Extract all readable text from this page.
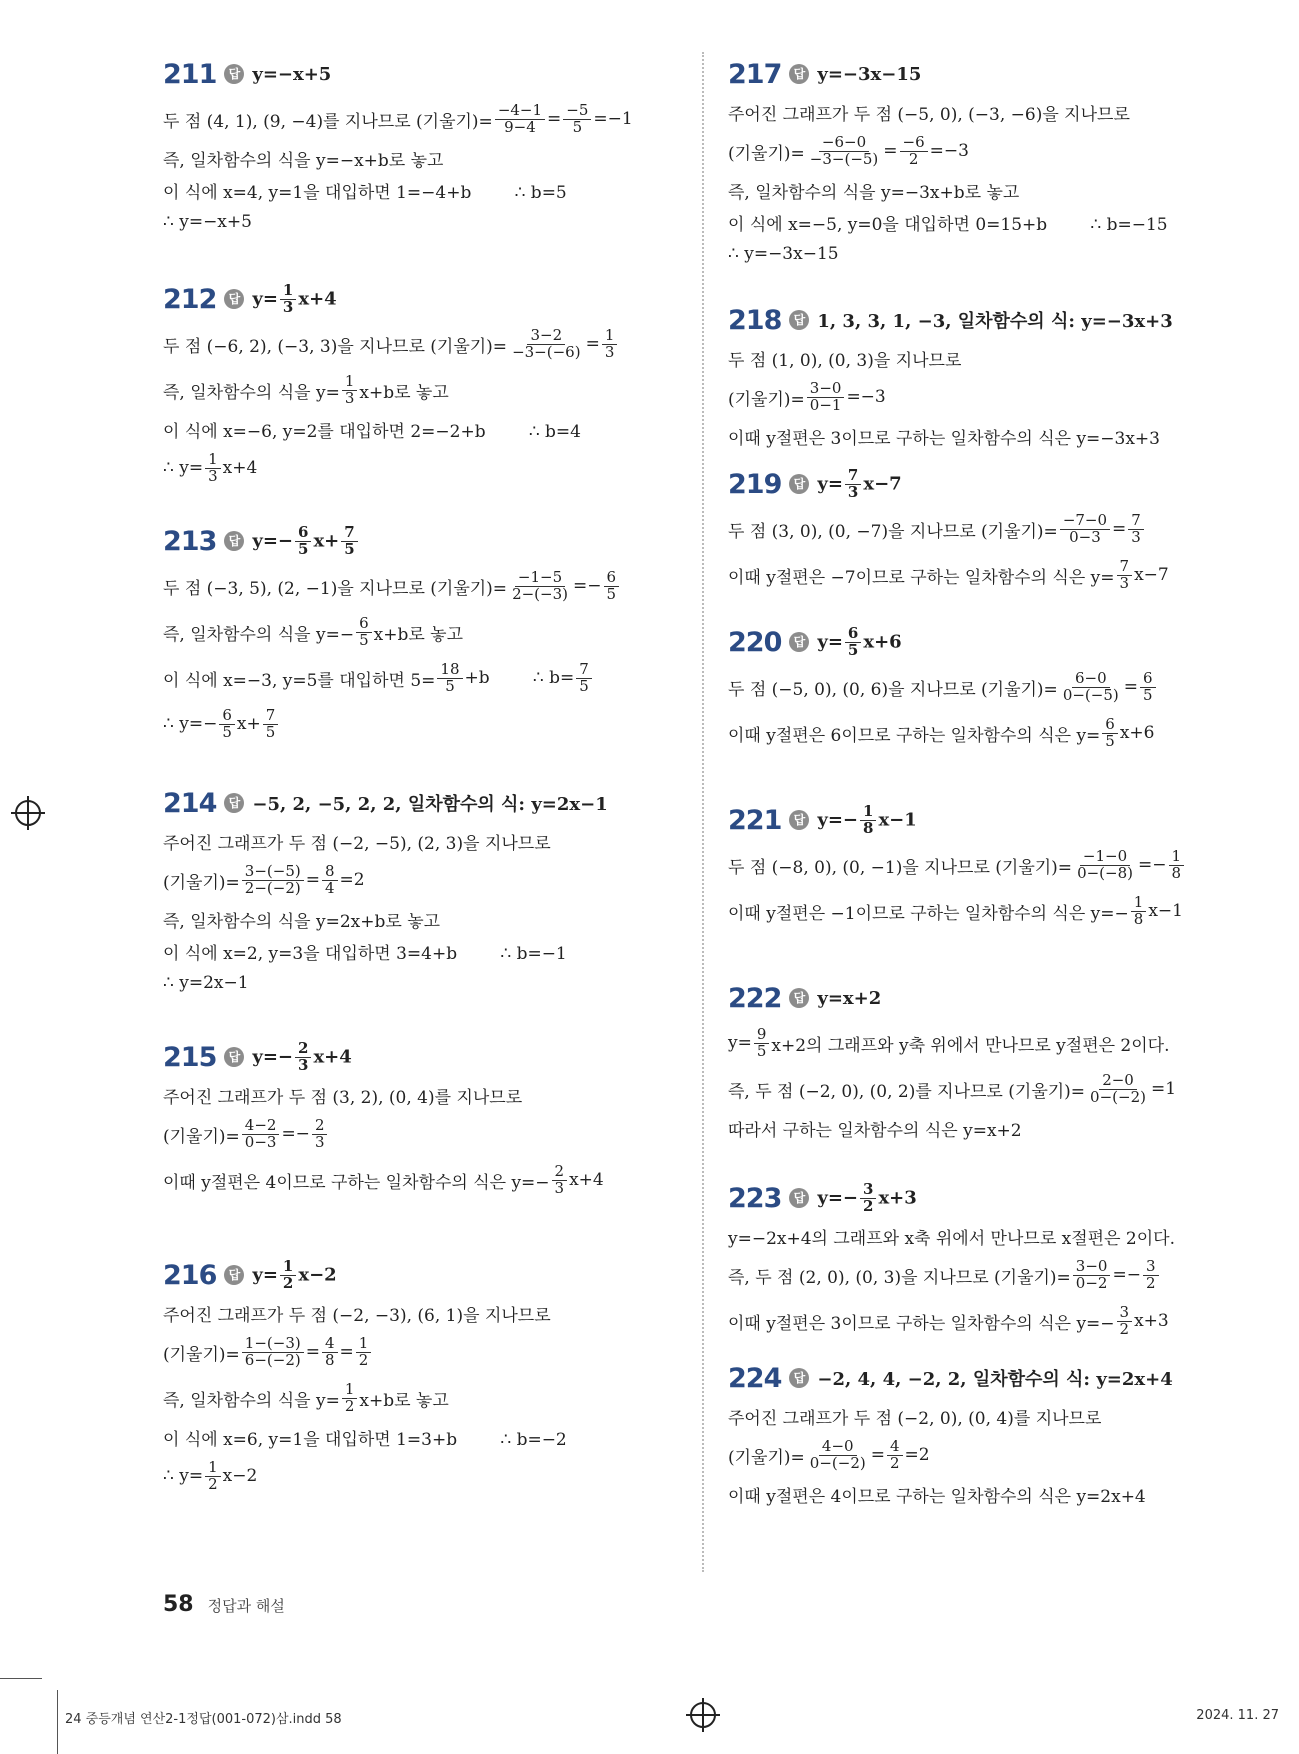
211	답 y=−x+5
두 점 (4, 1), (9, −4)를 지나므로 (기울기)= $\frac{-4-1}{9-4} = \frac{-5}{5} =-1$
즉, 일차함수의 식을 y=−x+b로 놓고
이 식에 x=4, y=1을 대입하면 1=−4+b        ∴ b=5
∴ y=−x+5
212	답 $y= \frac{1}{3} x+4$
두 점 (−6, 2), (−3, 3)을 지나므로 (기울기)= $\frac{3-2}{-3-(-6)} = \frac{1}{3}$
즉, 일차함수의 식을 $y= \frac{1}{3} x+b$로 놓고
이 식에 x=−6, y=2를 대입하면 2=−2+b        ∴ b=4
∴ $y= \frac{1}{3} x+4$
213	답 $y=- \frac{6}{5} x+ \frac{7}{5}$
두 점 (−3, 5), (2, −1)을 지나므로 (기울기)= $\frac{-1-5}{2-(-3)} =- \frac{6}{5}$
즉, 일차함수의 식을 $y=- \frac{6}{5} x+b$로 놓고
이 식에 x=−3, y=5를 대입하면 $5= \frac{18}{5} +b$        ∴ $b= \frac{7}{5}$
∴ $y=- \frac{6}{5} x+ \frac{7}{5}$
214	답 −5, 2, −5, 2, 2, 일차함수의 식: y=2x−1
주어진 그래프가 두 점 (−2, −5), (2, 3)을 지나므로
(기울기)= $\frac{3-(-5)}{2-(-2)} = \frac{8}{4} =2$
즉, 일차함수의 식을 y=2x+b로 놓고
이 식에 x=2, y=3을 대입하면 3=4+b        ∴ b=−1
∴ y=2x−1
215	답 $y=- \frac{2}{3} x+4$
주어진 그래프가 두 점 (3, 2), (0, 4)를 지나므로
(기울기)= $\frac{4-2}{0-3} =- \frac{2}{3}$
이때 y절편은 4이므로 구하는 일차함수의 식은 $y=- \frac{2}{3} x+4$
216	답 $y= \frac{1}{2} x-2$
주어진 그래프가 두 점 (−2, −3), (6, 1)을 지나므로
(기울기)= $\frac{1-(-3)}{6-(-2)} = \frac{4}{8} = \frac{1}{2}$
즉, 일차함수의 식을 $y= \frac{1}{2} x+b$로 놓고
이 식에 x=6, y=1을 대입하면 1=3+b        ∴ b=−2
∴ $y= \frac{1}{2} x-2$
217	답 y=−3x−15
주어진 그래프가 두 점 (−5, 0), (−3, −6)을 지나므로
(기울기)= $\frac{-6-0}{-3-(-5)} = \frac{-6}{2} =-3$
즉, 일차함수의 식을 y=−3x+b로 놓고
이 식에 x=−5, y=0을 대입하면 0=15+b        ∴ b=−15
∴ y=−3x−15
218	답 1, 3, 3, 1, −3, 일차함수의 식: y=−3x+3
두 점 (1, 0), (0, 3)을 지나므로
(기울기)= $\frac{3-0}{0-1} =-3$
이때 y절편은 3이므로 구하는 일차함수의 식은 y=−3x+3
219	답 $y= \frac{7}{3} x-7$
두 점 (3, 0), (0, −7)을 지나므로 (기울기)= $\frac{-7-0}{0-3} = \frac{7}{3}$
이때 y절편은 −7이므로 구하는 일차함수의 식은 $y= \frac{7}{3} x-7$
220	답 $y= \frac{6}{5} x+6$
두 점 (−5, 0), (0, 6)을 지나므로 (기울기)= $\frac{6-0}{0-(-5)} = \frac{6}{5}$
이때 y절편은 6이므로 구하는 일차함수의 식은 $y= \frac{6}{5} x+6$
221	답 $y=- \frac{1}{8} x-1$
두 점 (−8, 0), (0, −1)을 지나므로 (기울기)= $\frac{-1-0}{0-(-8)} =- \frac{1}{8}$
이때 y절편은 −1이므로 구하는 일차함수의 식은 $y=- \frac{1}{8} x-1$
222	답 y=x+2
$y= \frac{9}{5} x+2$의 그래프와 y축 위에서 만나므로 y절편은 2이다.
즉, 두 점 (−2, 0), (0, 2)를 지나므로 (기울기)= $\frac{2-0}{0-(-2)} =1$
따라서 구하는 일차함수의 식은 y=x+2
223	답 $y=- \frac{3}{2} x+3$
y=−2x+4의 그래프와 x축 위에서 만나므로 x절편은 2이다.
즉, 두 점 (2, 0), (0, 3)을 지나므로 (기울기)= $\frac{3-0}{0-2} =- \frac{3}{2}$
이때 y절편은 3이므로 구하는 일차함수의 식은 $y=- \frac{3}{2} x+3$
224	답 −2, 4, 4, −2, 2, 일차함수의 식: y=2x+4
주어진 그래프가 두 점 (−2, 0), (0, 4)를 지나므로
(기울기)= $\frac{4-0}{0-(-2)} = \frac{4}{2} =2$
이때 y절편은 4이므로 구하는 일차함수의 식은 y=2x+4
58 정답과 해설
24 중등개념 연산2-1정답(001-072)삼.indd 58	2024. 11. 27
